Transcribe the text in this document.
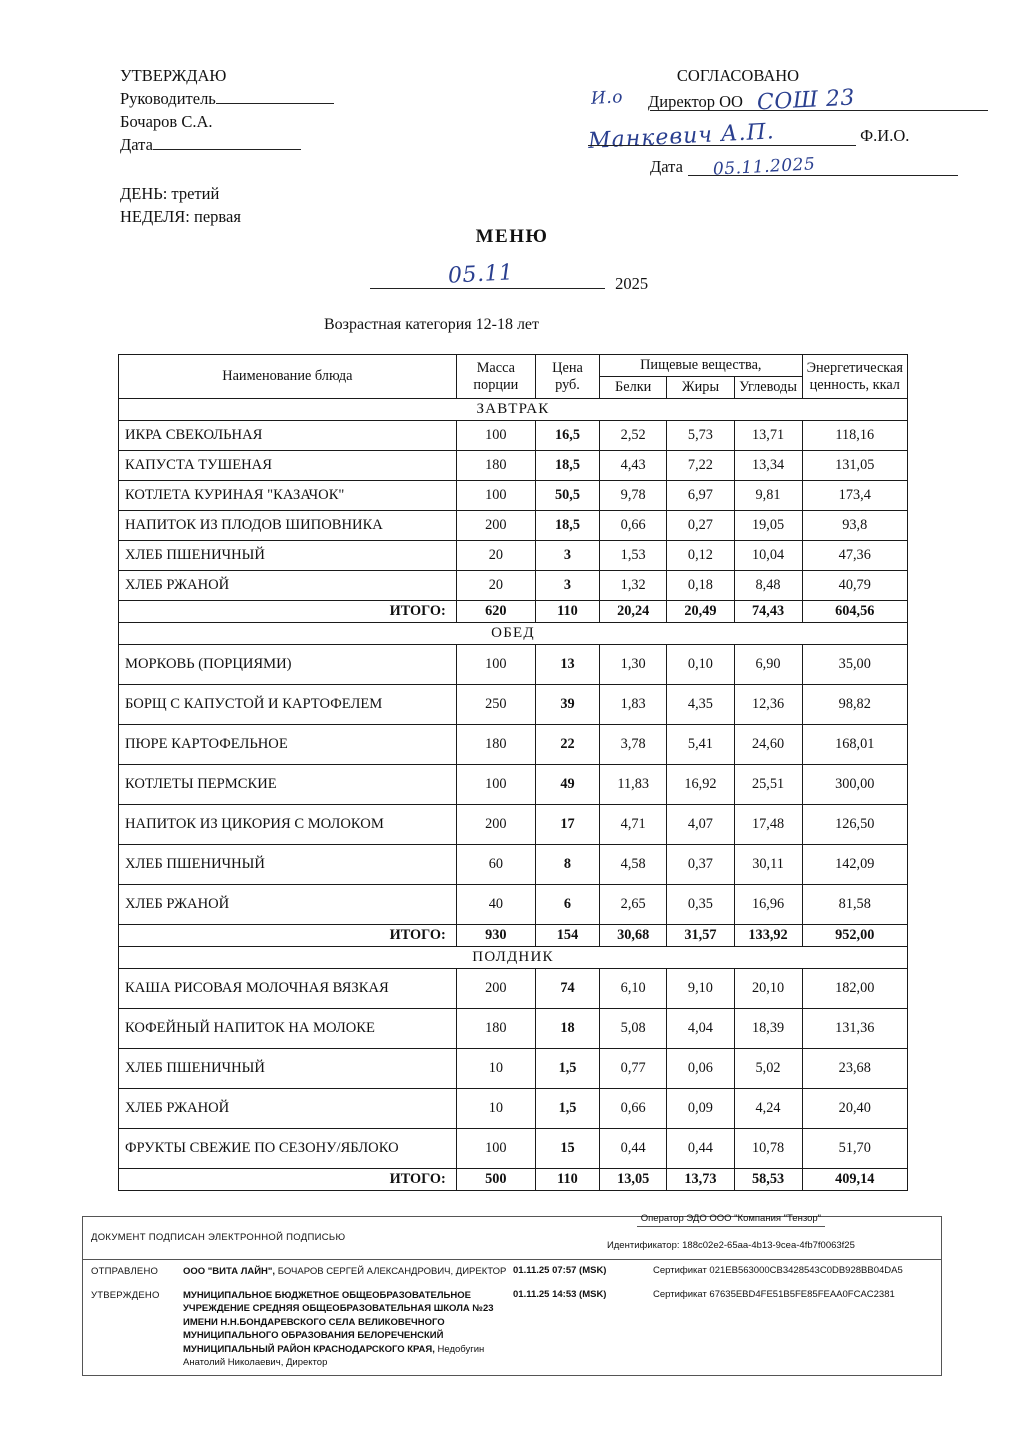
УТВЕРЖДАЮ
Руководитель
Бочаров С.А.
Дата
СОГЛАСОВАНО
И.о Директор ОО СОШ 23
Манкевич А.П.	Ф.И.О.
Дата 05.11.2025
ДЕНЬ: третий
НЕДЕЛЯ: первая
МЕНЮ
05.11	2025
Возрастная категория 12-18 лет
Наименование блюда	Масса порции	Цена руб.	Пищевые вещества,			Энергетическая ценность, ккал
			Белки	Жиры	Углеводы	
ЗАВТРАК						
ИКРА СВЕКОЛЬНАЯ	100	16,5	2,52	5,73	13,71	118,16
КАПУСТА ТУШЕНАЯ	180	18,5	4,43	7,22	13,34	131,05
КОТЛЕТА КУРИНАЯ "КАЗАЧОК"	100	50,5	9,78	6,97	9,81	173,4
НАПИТОК ИЗ ПЛОДОВ ШИПОВНИКА	200	18,5	0,66	0,27	19,05	93,8
ХЛЕБ ПШЕНИЧНЫЙ	20	3	1,53	0,12	10,04	47,36
ХЛЕБ РЖАНОЙ	20	3	1,32	0,18	8,48	40,79
ИТОГО:	620	110	20,24	20,49	74,43	604,56
ОБЕД						
МОРКОВЬ (ПОРЦИЯМИ)	100	13	1,30	0,10	6,90	35,00
БОРЩ С КАПУСТОЙ И КАРТОФЕЛЕМ	250	39	1,83	4,35	12,36	98,82
ПЮРЕ КАРТОФЕЛЬНОЕ	180	22	3,78	5,41	24,60	168,01
КОТЛЕТЫ ПЕРМСКИЕ	100	49	11,83	16,92	25,51	300,00
НАПИТОК ИЗ ЦИКОРИЯ С МОЛОКОМ	200	17	4,71	4,07	17,48	126,50
ХЛЕБ ПШЕНИЧНЫЙ	60	8	4,58	0,37	30,11	142,09
ХЛЕБ РЖАНОЙ	40	6	2,65	0,35	16,96	81,58
ИТОГО:	930	154	30,68	31,57	133,92	952,00
ПОЛДНИК						
КАША РИСОВАЯ МОЛОЧНАЯ ВЯЗКАЯ	200	74	6,10	9,10	20,10	182,00
КОФЕЙНЫЙ НАПИТОК НА МОЛОКЕ	180	18	5,08	4,04	18,39	131,36
ХЛЕБ ПШЕНИЧНЫЙ	10	1,5	0,77	0,06	5,02	23,68
ХЛЕБ РЖАНОЙ	10	1,5	0,66	0,09	4,24	20,40
ФРУКТЫ СВЕЖИЕ ПО СЕЗОНУ/ЯБЛОКО	100	15	0,44	0,44	10,78	51,70
ИТОГО:	500	110	13,05	13,73	58,53	409,14
ДОКУМЕНТ ПОДПИСАН ЭЛЕКТРОННОЙ ПОДПИСЬЮ
Оператор ЭДО ООО "Компания "Тензор"
Идентификатор: 188c02e2-65aa-4b13-9cea-4fb7f0063f25
ОТПРАВЛЕНО	ООО "ВИТА ЛАЙН", БОЧАРОВ СЕРГЕЙ АЛЕКСАНДРОВИЧ, ДИРЕКТОР 01.11.25 07:57 (MSK)	Сертификат 021EB563000CB3428543C0DB928BB04DA5
УТВЕРЖДЕНО	МУНИЦИПАЛЬНОЕ БЮДЖЕТНОЕ ОБЩЕОБРАЗОВАТЕЛЬНОЕ УЧРЕЖДЕНИЕ СРЕДНЯЯ ОБЩЕОБРАЗОВАТЕЛЬНАЯ ШКОЛА №23 ИМЕНИ Н.Н.БОНДАРЕВСКОГО СЕЛА ВЕЛИКОВЕЧНОГО МУНИЦИПАЛЬНОГО ОБРАЗОВАНИЯ БЕЛОРЕЧЕНСКИЙ МУНИЦИПАЛЬНЫЙ РАЙОН КРАСНОДАРСКОГО КРАЯ, Недобугин Анатолий Николаевич, Директор
01.11.25 14:53 (MSK)	Сертификат 67635EBD4FE51B5FE85FEAA0FCAC2381
